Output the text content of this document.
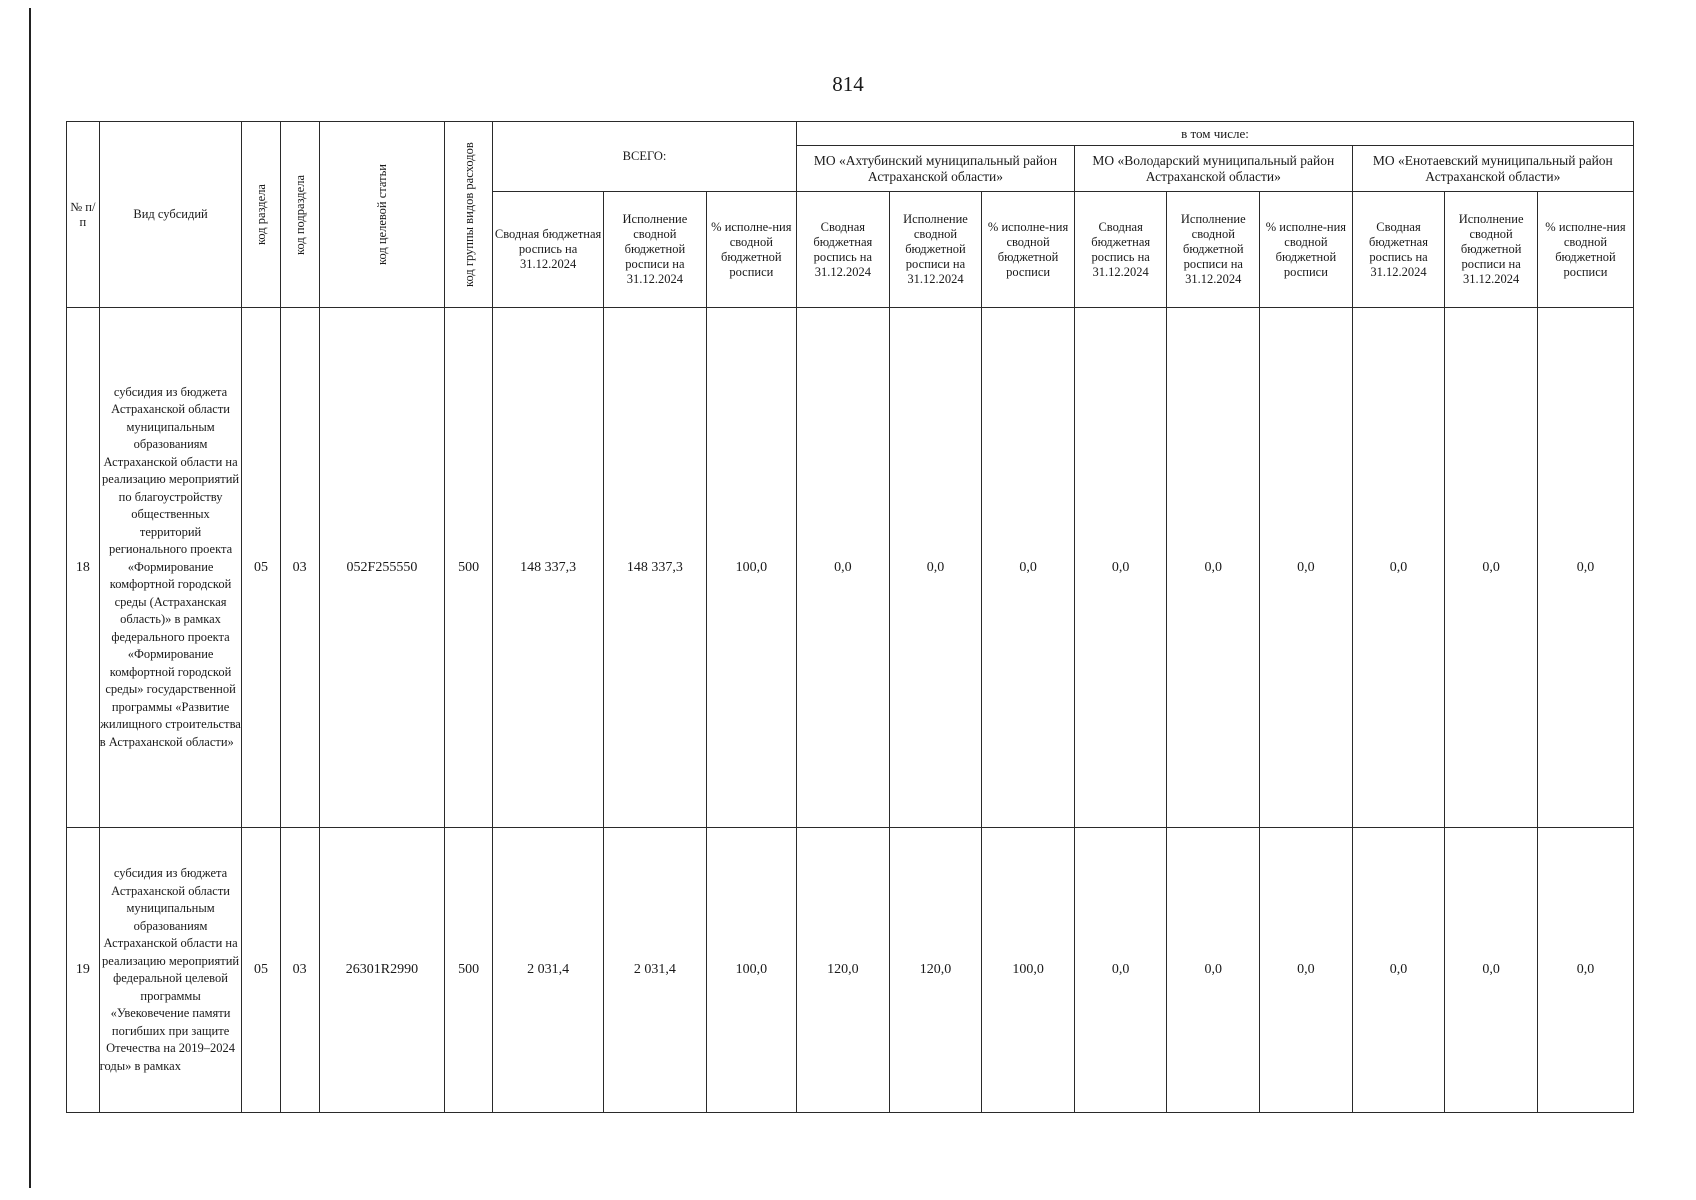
814
№ п/п	Вид субсидий	код раздела	код подраздела	код целевой статьи	код группы видов расходов	ВСЕГО:			в том числе:								
									МО «Ахтубинский муниципальный район Астраханской области»			МО «Володарский муниципальный район Астраханской области»			МО «Енотаевский муниципальный район Астраханской области»		
						Сводная бюджетная роспись на 31.12.2024	Исполнение сводной бюджетной росписи на 31.12.2024	% исполне-ния сводной бюджетной росписи	Сводная бюджетная роспись на 31.12.2024	Исполнение сводной бюджетной росписи на 31.12.2024	% исполне-ния сводной бюджетной росписи	Сводная бюджетная роспись на 31.12.2024	Исполнение сводной бюджетной росписи на 31.12.2024	% исполне-ния сводной бюджетной росписи	Сводная бюджетная роспись на 31.12.2024	Исполнение сводной бюджетной росписи на 31.12.2024	% исполне-ния сводной бюджетной росписи
18	субсидия из бюджета Астраханской области муниципальным образованиям Астраханской области на реализацию мероприятий по благоустройству общественных территорий регионального проекта «Формирование комфортной городской среды (Астраханская область)» в рамках федерального проекта «Формирование комфортной городской среды» государственной программы «Развитие жилищного строительства в Астраханской области»	05	03	052F255550	500	148 337,3	148 337,3	100,0	0,0	0,0	0,0	0,0	0,0	0,0	0,0	0,0	0,0
19	субсидия из бюджета Астраханской области муниципальным образованиям Астраханской области на реализацию мероприятий федеральной целевой программы «Увековечение памяти погибших при защите Отечества на 2019–2024 годы» в рамках	05	03	26301R2990	500	2 031,4	2 031,4	100,0	120,0	120,0	100,0	0,0	0,0	0,0	0,0	0,0	0,0
